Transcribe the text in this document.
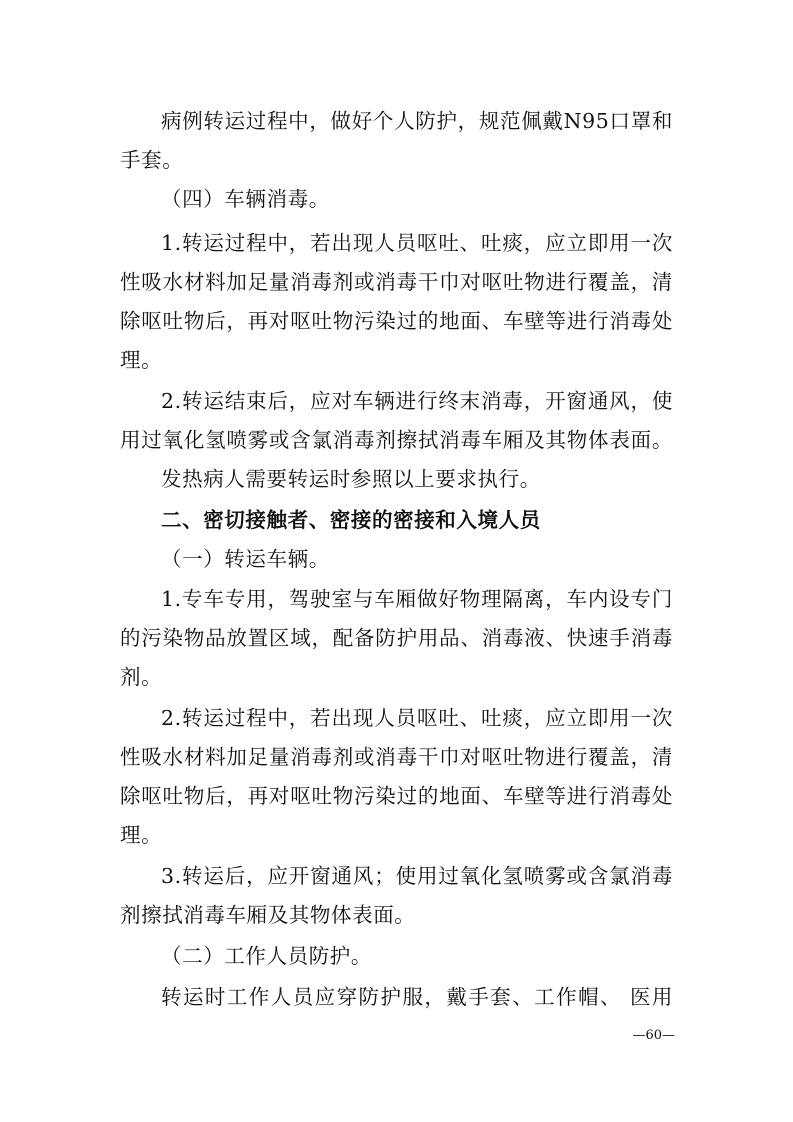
病例转运过程中，做好个人防护，规范佩戴N95口罩和
手套。
（四）车辆消毒。
1.转运过程中，若出现人员呕吐、吐痰，应立即用一次
性吸水材料加足量消毒剂或消毒干巾对呕吐物进行覆盖，清
除呕吐物后，再对呕吐物污染过的地面、车壁等进行消毒处
理。
2.转运结束后，应对车辆进行终末消毒，开窗通风，使
用过氧化氢喷雾或含氯消毒剂擦拭消毒车厢及其物体表面。
发热病人需要转运时参照以上要求执行。
二、密切接触者、密接的密接和入境人员
（一）转运车辆。
1.专车专用，驾驶室与车厢做好物理隔离，车内设专门
的污染物品放置区域，配备防护用品、消毒液、快速手消毒
剂。
2.转运过程中，若出现人员呕吐、吐痰，应立即用一次
性吸水材料加足量消毒剂或消毒干巾对呕吐物进行覆盖，清
除呕吐物后，再对呕吐物污染过的地面、车壁等进行消毒处
理。
3.转运后，应开窗通风；使用过氧化氢喷雾或含氯消毒
剂擦拭消毒车厢及其物体表面。
（二）工作人员防护。
转运时工作人员应穿防护服，戴手套、工作帽、 医用
—60—
